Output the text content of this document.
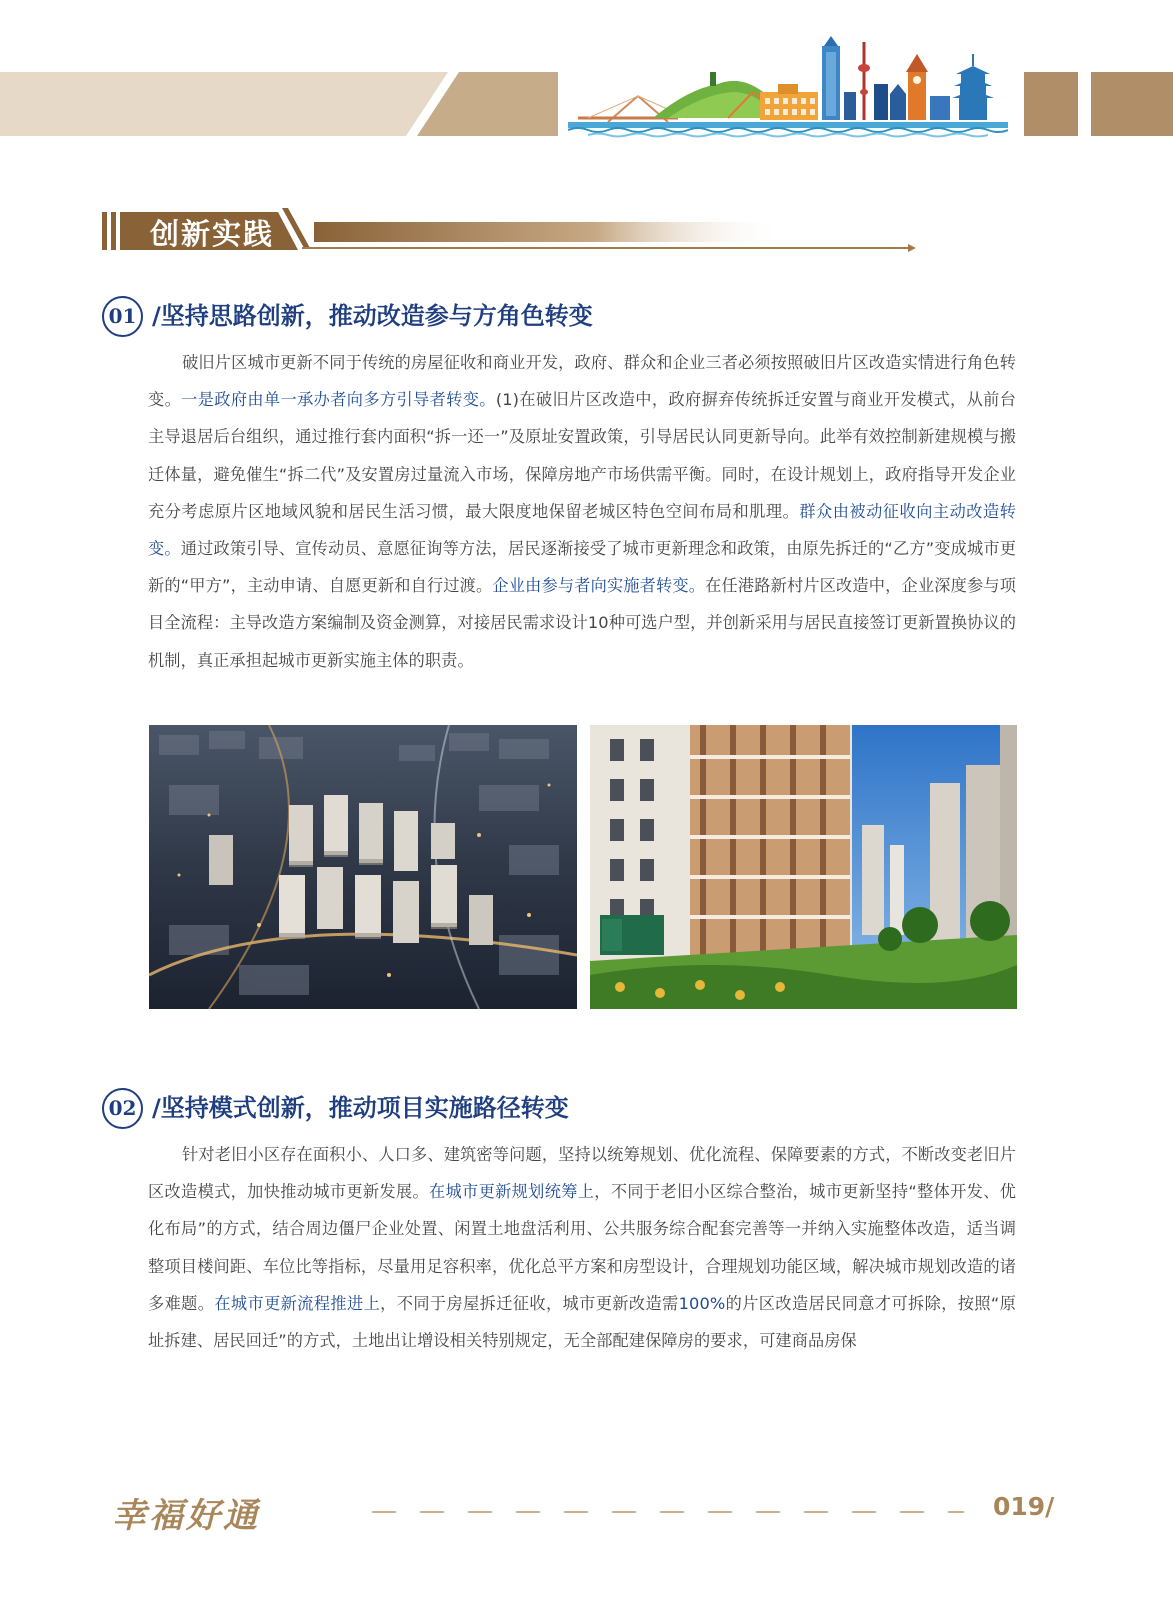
创新实践
01 /坚持思路创新，推动改造参与方角色转变
破旧片区城市更新不同于传统的房屋征收和商业开发，政府、群众和企业三者必须按照破旧片区改造实情进行角色转变。一是政府由单一承办者向多方引导者转变。(1)在破旧片区改造中，政府摒弃传统拆迁安置与商业开发模式，从前台主导退居后台组织，通过推行套内面积“拆一还一”及原址安置政策，引导居民认同更新导向。此举有效控制新建规模与搬迁体量，避免催生“拆二代”及安置房过量流入市场，保障房地产市场供需平衡。同时，在设计规划上，政府指导开发企业充分考虑原片区地域风貌和居民生活习惯，最大限度地保留老城区特色空间布局和肌理。群众由被动征收向主动改造转变。通过政策引导、宣传动员、意愿征询等方法，居民逐渐接受了城市更新理念和政策，由原先拆迁的“乙方”变成城市更新的“甲方”，主动申请、自愿更新和自行过渡。企业由参与者向实施者转变。在任港路新村片区改造中，企业深度参与项目全流程：主导改造方案编制及资金测算，对接居民需求设计10种可选户型，并创新采用与居民直接签订更新置换协议的机制，真正承担起城市更新实施主体的职责。
02 /坚持模式创新，推动项目实施路径转变
针对老旧小区存在面积小、人口多、建筑密等问题，坚持以统筹规划、优化流程、保障要素的方式，不断改变老旧片区改造模式，加快推动城市更新发展。在城市更新规划统筹上，不同于老旧小区综合整治，城市更新坚持“整体开发、优化布局”的方式，结合周边僵尸企业处置、闲置土地盘活利用、公共服务综合配套完善等一并纳入实施整体改造，适当调整项目楼间距、车位比等指标，尽量用足容积率，优化总平方案和房型设计，合理规划功能区域，解决城市规划改造的诸多难题。在城市更新流程推进上，不同于房屋拆迁征收，城市更新改造需100%的片区改造居民同意才可拆除，按照“原址拆建、居民回迁”的方式，土地出让增设相关特别规定，无全部配建保障房的要求，可建商品房保
幸福好通	019/
